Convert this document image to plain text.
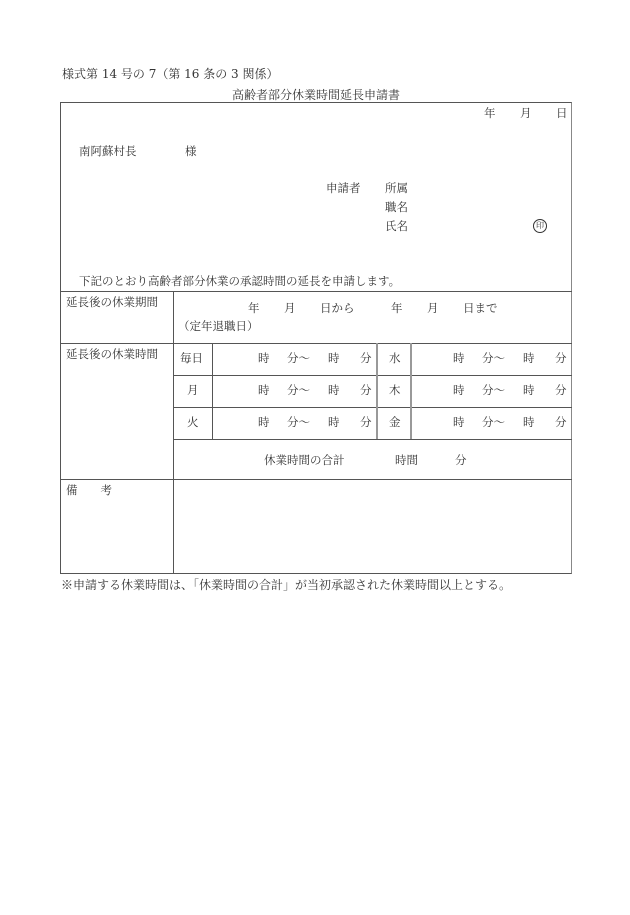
様式第 14 号の 7（第 16 条の 3 関係）
高齢者部分休業時間延長申請書
年 月 日
南阿蘇村長	様
申請者 所属
職名
氏名	印
下記のとおり高齢者部分休業の承認時間の延長を申請します。
延長後の休業期間	年 月 日から	年 月 日まで
（定年退職日）
延長後の休業時間 毎日	時 分～ 時 分 水	時 分～ 時 分
月	時 分～ 時 分 木	時 分～ 時 分
火	時 分～ 時 分 金	時 分～ 時 分
休業時間の合計	時間	分
備　　考
※申請する休業時間は、「休業時間の合計」が当初承認された休業時間以上とする。
